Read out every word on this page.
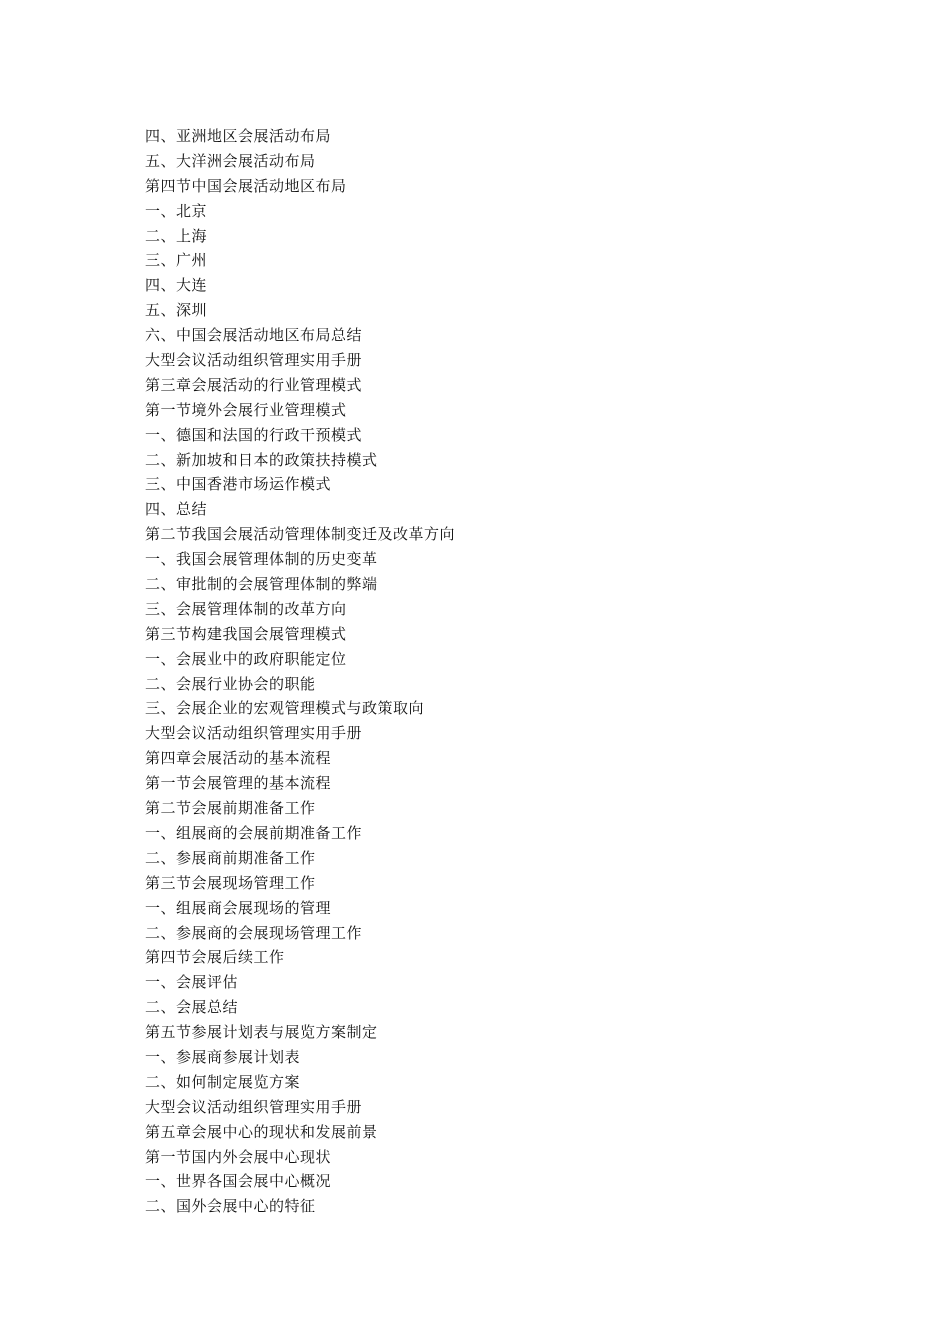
四、亚洲地区会展活动布局
五、大洋洲会展活动布局
第四节中国会展活动地区布局
一、北京
二、上海
三、广州
四、大连
五、深圳
六、中国会展活动地区布局总结
大型会议活动组织管理实用手册
第三章会展活动的行业管理模式
第一节境外会展行业管理模式
一、德国和法国的行政干预模式
二、新加坡和日本的政策扶持模式
三、中国香港市场运作模式
四、总结
第二节我国会展活动管理体制变迁及改革方向
一、我国会展管理体制的历史变革
二、审批制的会展管理体制的弊端
三、会展管理体制的改革方向
第三节构建我国会展管理模式
一、会展业中的政府职能定位
二、会展行业协会的职能
三、会展企业的宏观管理模式与政策取向
大型会议活动组织管理实用手册
第四章会展活动的基本流程
第一节会展管理的基本流程
第二节会展前期准备工作
一、组展商的会展前期准备工作
二、参展商前期准备工作
第三节会展现场管理工作
一、组展商会展现场的管理
二、参展商的会展现场管理工作
第四节会展后续工作
一、会展评估
二、会展总结
第五节参展计划表与展览方案制定
一、参展商参展计划表
二、如何制定展览方案
大型会议活动组织管理实用手册
第五章会展中心的现状和发展前景
第一节国内外会展中心现状
一、世界各国会展中心概况
二、国外会展中心的特征
